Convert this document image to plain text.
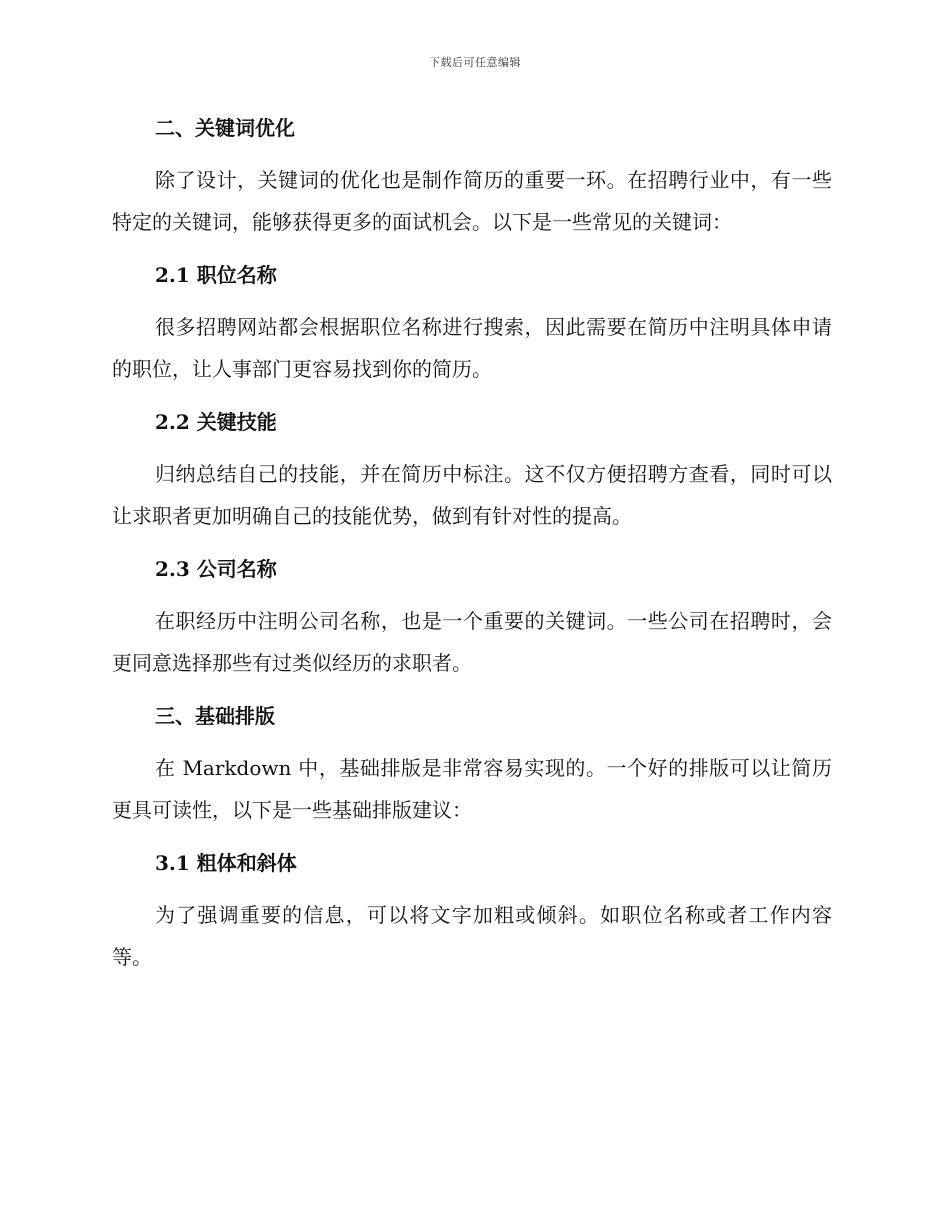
下载后可任意编辑
二、关键词优化

除了设计，关键词的优化也是制作简历的重要一环。在招聘行业中，有一些特定的关键词，能够获得更多的面试机会。以下是一些常见的关键词：

2.1 职位名称

很多招聘网站都会根据职位名称进行搜索，因此需要在简历中注明具体申请的职位，让人事部门更容易找到你的简历。

2.2 关键技能

归纳总结自己的技能，并在简历中标注。这不仅方便招聘方查看，同时可以让求职者更加明确自己的技能优势，做到有针对性的提高。

2.3 公司名称

在职经历中注明公司名称，也是一个重要的关键词。一些公司在招聘时，会更同意选择那些有过类似经历的求职者。

三、基础排版

在 Markdown 中，基础排版是非常容易实现的。一个好的排版可以让简历更具可读性，以下是一些基础排版建议：

3.1 粗体和斜体

为了强调重要的信息，可以将文字加粗或倾斜。如职位名称或者工作内容等。
